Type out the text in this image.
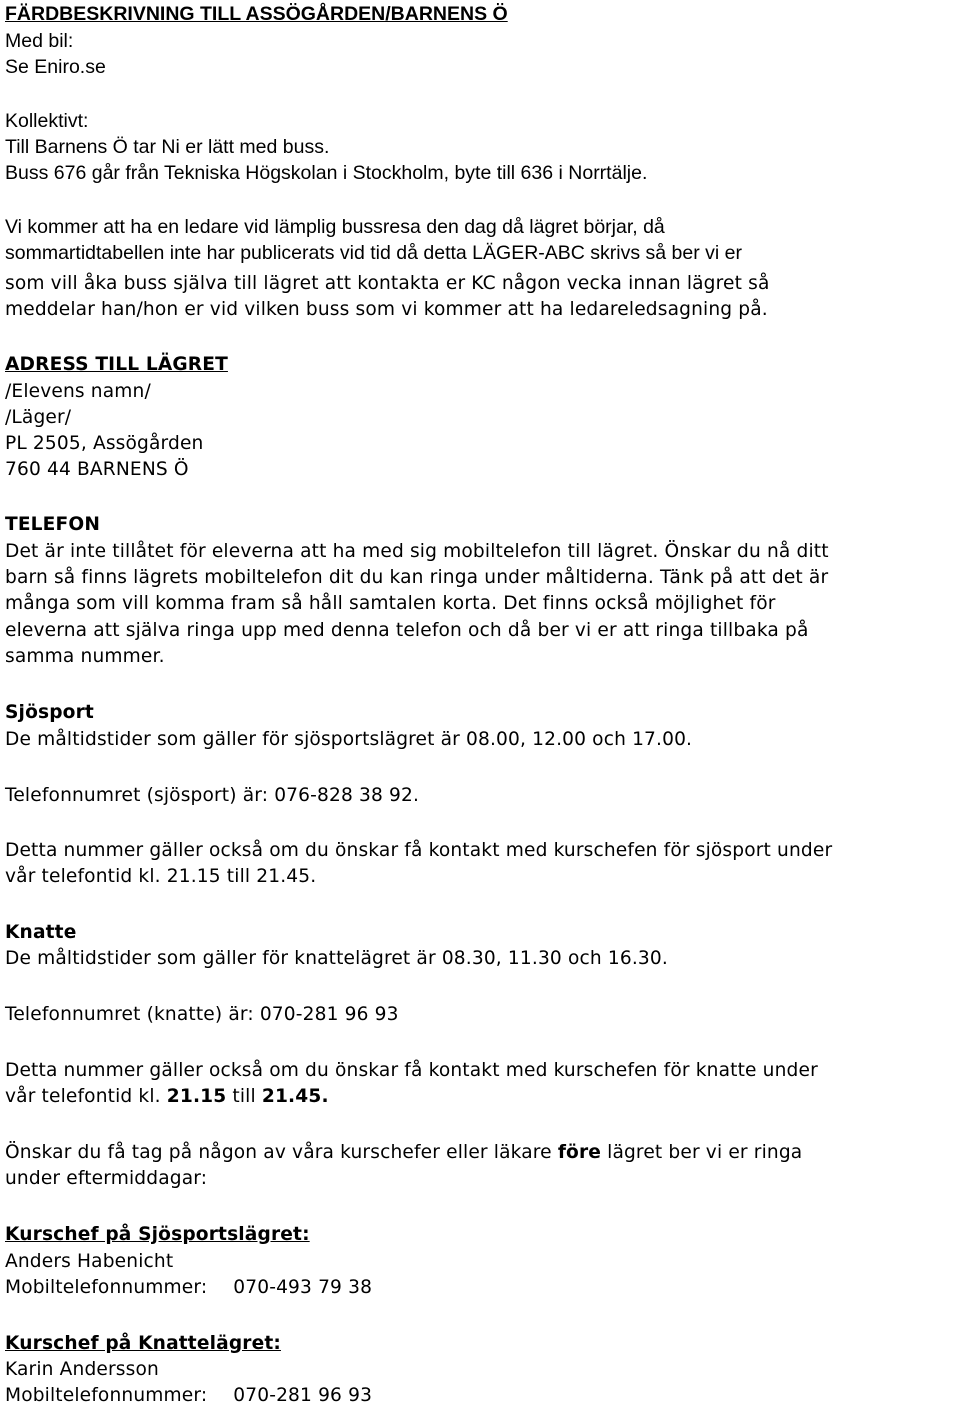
FÄRDBESKRIVNING TILL ASSÖGÅRDEN/BARNENS Ö
Med bil:
Se Eniro.se
Kollektivt:
Till Barnens Ö tar Ni er lätt med buss.
Buss 676 går från Tekniska Högskolan i Stockholm, byte till 636 i Norrtälje.
Vi kommer att ha en ledare vid lämplig bussresa den dag då lägret börjar, då
sommartidtabellen inte har publicerats vid tid då detta LÄGER-ABC skrivs så ber vi er
som vill åka buss själva till lägret att kontakta er KC någon vecka innan lägret så
meddelar han/hon er vid vilken buss som vi kommer att ha ledareledsagning på.
ADRESS TILL LÄGRET
/Elevens namn/
/Läger/
PL 2505, Assögården
760 44 BARNENS Ö
TELEFON
Det är inte tillåtet för eleverna att ha med sig mobiltelefon till lägret. Önskar du nå ditt
barn så finns lägrets mobiltelefon dit du kan ringa under måltiderna. Tänk på att det är
många som vill komma fram så håll samtalen korta. Det finns också möjlighet för
eleverna att själva ringa upp med denna telefon och då ber vi er att ringa tillbaka på
samma nummer.
Sjösport
De måltidstider som gäller för sjösportslägret är 08.00, 12.00 och 17.00.
Telefonnumret (sjösport) är: 076-828 38 92.
Detta nummer gäller också om du önskar få kontakt med kurschefen för sjösport under
vår telefontid kl. 21.15 till 21.45.
Knatte
De måltidstider som gäller för knattelägret är 08.30, 11.30 och 16.30.
Telefonnumret (knatte) är: 070-281 96 93
Detta nummer gäller också om du önskar få kontakt med kurschefen för knatte under
vår telefontid kl. 21.15 till 21.45.
Önskar du få tag på någon av våra kurschefer eller läkare före lägret ber vi er ringa
under eftermiddagar:
Kurschef på Sjösportslägret:
Anders Habenicht
Mobiltelefonnummer: 070-493 79 38
Kurschef på Knattelägret:
Karin Andersson
Mobiltelefonnummer: 070-281 96 93
